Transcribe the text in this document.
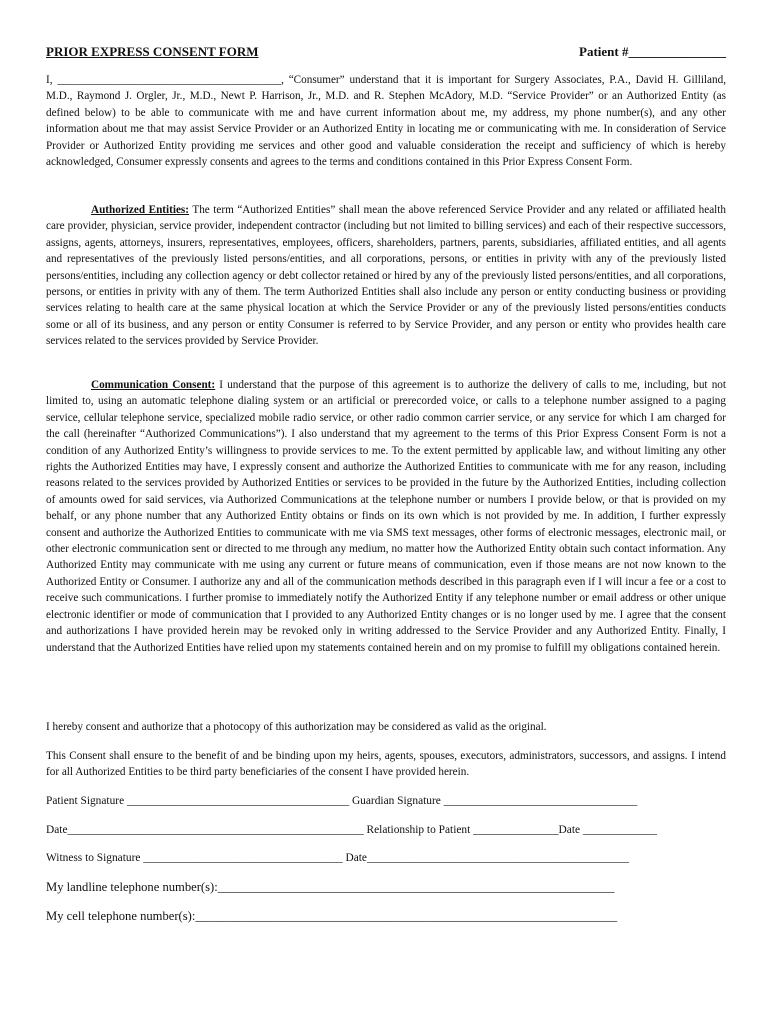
PRIOR EXPRESS CONSENT FORM	Patient #_______________

I, ________________________________________, “Consumer” understand that it is important for Surgery Associates, P.A., David H. Gilliland, M.D., Raymond J. Orgler, Jr., M.D., Newt P. Harrison, Jr., M.D. and R. Stephen McAdory, M.D. “Service Provider” or an Authorized Entity (as defined below) to be able to communicate with me and have current information about me, my address, my phone number(s), and any other information about me that may assist Service Provider or an Authorized Entity in locating me or communicating with me. In consideration of Service Provider or Authorized Entity providing me services and other good and valuable consideration the receipt and sufficiency of which is hereby acknowledged, Consumer expressly consents and agrees to the terms and conditions contained in this Prior Express Consent Form.

Authorized Entities: The term “Authorized Entities” shall mean the above referenced Service Provider and any related or affiliated health care provider, physician, service provider, independent contractor (including but not limited to billing services) and each of their respective successors, assigns, agents, attorneys, insurers, representatives, employees, officers, shareholders, partners, parents, subsidiaries, affiliated entities, and all agents and representatives of the previously listed persons/entities, and all corporations, persons, or entities in privity with any of the previously listed persons/entities, including any collection agency or debt collector retained or hired by any of the previously listed persons/entities, and all corporations, persons, or entities in privity with any of them. The term Authorized Entities shall also include any person or entity conducting business or providing services relating to health care at the same physical location at which the Service Provider or any of the previously listed persons/entities conducts some or all of its business, and any person or entity Consumer is referred to by Service Provider, and any person or entity who provides health care services related to the services provided by Service Provider.

Communication Consent: I understand that the purpose of this agreement is to authorize the delivery of calls to me, including, but not limited to, using an automatic telephone dialing system or an artificial or prerecorded voice, or calls to a telephone number assigned to a paging service, cellular telephone service, specialized mobile radio service, or other radio common carrier service, or any service for which I am charged for the call (hereinafter “Authorized Communications”). I also understand that my agreement to the terms of this Prior Express Consent Form is not a condition of any Authorized Entity’s willingness to provide services to me. To the extent permitted by applicable law, and without limiting any other rights the Authorized Entities may have, I expressly consent and authorize the Authorized Entities to communicate with me for any reason, including reasons related to the services provided by Authorized Entities or services to be provided in the future by the Authorized Entities, including collection of amounts owed for said services, via Authorized Communications at the telephone number or numbers I provide below, or that is provided on my behalf, or any phone number that any Authorized Entity obtains or finds on its own which is not provided by me. In addition, I further expressly consent and authorize the Authorized Entities to communicate with me via SMS text messages, other forms of electronic messages, electronic mail, or other electronic communication sent or directed to me through any medium, no matter how the Authorized Entity obtain such contact information. Any Authorized Entity may communicate with me using any current or future means of communication, even if those means are not now known to the Authorized Entity or Consumer. I authorize any and all of the communication methods described in this paragraph even if I will incur a fee or a cost to receive such communications. I further promise to immediately notify the Authorized Entity if any telephone number or email address or other unique electronic identifier or mode of communication that I provided to any Authorized Entity changes or is no longer used by me. I agree that the consent and authorizations I have provided herein may be revoked only in writing addressed to the Service Provider and any Authorized Entity. Finally, I understand that the Authorized Entities have relied upon my statements contained herein and on my promise to fulfill my obligations contained herein.

I hereby consent and authorize that a photocopy of this authorization may be considered as valid as the original.

This Consent shall ensure to the benefit of and be binding upon my heirs, agents, spouses, executors, administrators, successors, and assigns. I intend for all Authorized Entities to be third party beneficiaries of the consent I have provided herein.

Patient Signature _______________________________________ Guardian Signature __________________________________
Date____________________________________________________ Relationship to Patient _______________Date _____________
Witness to Signature ___________________________________ Date______________________________________________
My landline telephone number(s):_______________________________________________________________
My cell telephone number(s):___________________________________________________________________
